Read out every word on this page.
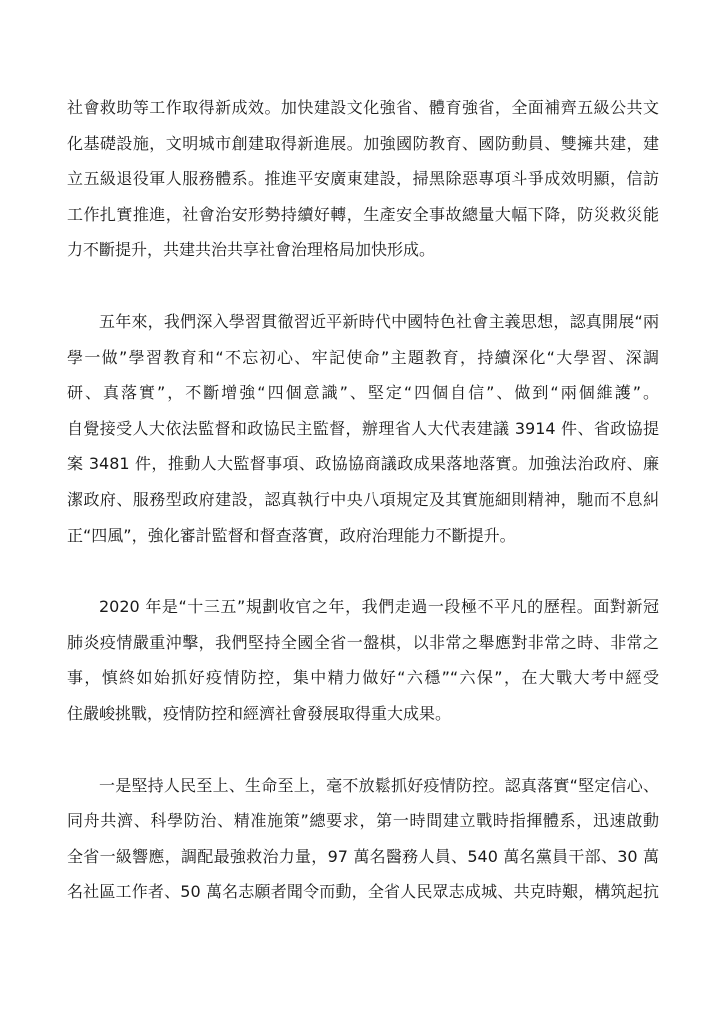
社會救助等工作取得新成效。加快建設文化強省、體育強省，全面補齊五級公共文
化基礎設施，文明城市創建取得新進展。加強國防教育、國防動員、雙擁共建，建
立五級退役軍人服務體系。推進平安廣東建設，掃黑除惡專項斗爭成效明顯，信訪
工作扎實推進，社會治安形勢持續好轉，生產安全事故總量大幅下降，防災救災能
力不斷提升，共建共治共享社會治理格局加快形成。
五年來，我們深入學習貫徹習近平新時代中國特色社會主義思想，認真開展“兩
學一做”學習教育和“不忘初心、牢記使命”主題教育，持續深化“大學習、深調
研、真落實”，不斷增強“四個意識”、堅定“四個自信”、做到“兩個維護”。
自覺接受人大依法監督和政協民主監督，辦理省人大代表建議 3914 件、省政協提
案 3481 件，推動人大監督事項、政協協商議政成果落地落實。加強法治政府、廉
潔政府、服務型政府建設，認真執行中央八項規定及其實施細則精神，馳而不息糾
正“四風”，強化審計監督和督查落實，政府治理能力不斷提升。
2020 年是“十三五”規劃收官之年，我們走過一段極不平凡的歷程。面對新冠
肺炎疫情嚴重沖擊，我們堅持全國全省一盤棋，以非常之舉應對非常之時、非常之
事，慎終如始抓好疫情防控，集中精力做好“六穩”“六保”，在大戰大考中經受
住嚴峻挑戰，疫情防控和經濟社會發展取得重大成果。
一是堅持人民至上、生命至上，毫不放鬆抓好疫情防控。認真落實“堅定信心、
同舟共濟、科學防治、精准施策”總要求，第一時間建立戰時指揮體系，迅速啟動
全省一級響應，調配最強救治力量，97 萬名醫務人員、540 萬名黨員干部、30 萬
名社區工作者、50 萬名志願者聞令而動，全省人民眾志成城、共克時艱，構筑起抗
